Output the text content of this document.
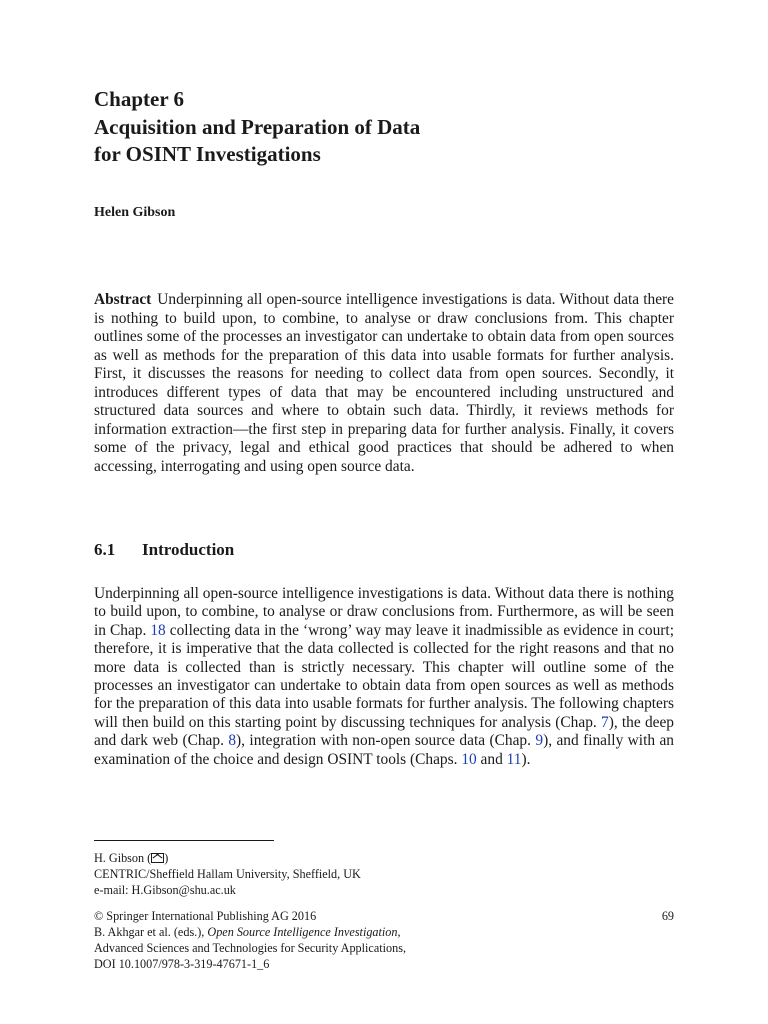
Chapter 6
Acquisition and Preparation of Data
for OSINT Investigations
Helen Gibson

Abstract Underpinning all open-source intelligence investigations is data. Without data there is nothing to build upon, to combine, to analyse or draw conclusions from. This chapter outlines some of the processes an investigator can undertake to obtain data from open sources as well as methods for the preparation of this data into usable formats for further analysis. First, it discusses the reasons for needing to collect data from open sources. Secondly, it introduces different types of data that may be encountered including unstructured and structured data sources and where to obtain such data. Thirdly, it reviews methods for information extraction—the first step in preparing data for further analysis. Finally, it covers some of the privacy, legal and ethical good practices that should be adhered to when accessing, interrogating and using open source data.

6.1 Introduction

Underpinning all open-source intelligence investigations is data. Without data there is nothing to build upon, to combine, to analyse or draw conclusions from. Furthermore, as will be seen in Chap. 18 collecting data in the ‘wrong’ way may leave it inadmissible as evidence in court; therefore, it is imperative that the data collected is collected for the right reasons and that no more data is collected than is strictly necessary. This chapter will outline some of the processes an investigator can undertake to obtain data from open sources as well as methods for the preparation of this data into usable formats for further analysis. The following chapters will then build on this starting point by discussing techniques for analysis (Chap. 7), the deep and dark web (Chap. 8), integration with non-open source data (Chap. 9), and finally with an examination of the choice and design OSINT tools (Chaps. 10 and 11).

H. Gibson ( )
CENTRIC/Sheffield Hallam University, Sheffield, UK
e-mail: H.Gibson@shu.ac.uk
© Springer International Publishing AG 2016
B. Akhgar et al. (eds.), Open Source Intelligence Investigation,
Advanced Sciences and Technologies for Security Applications,
DOI 10.1007/978-3-319-47671-1_6
69
